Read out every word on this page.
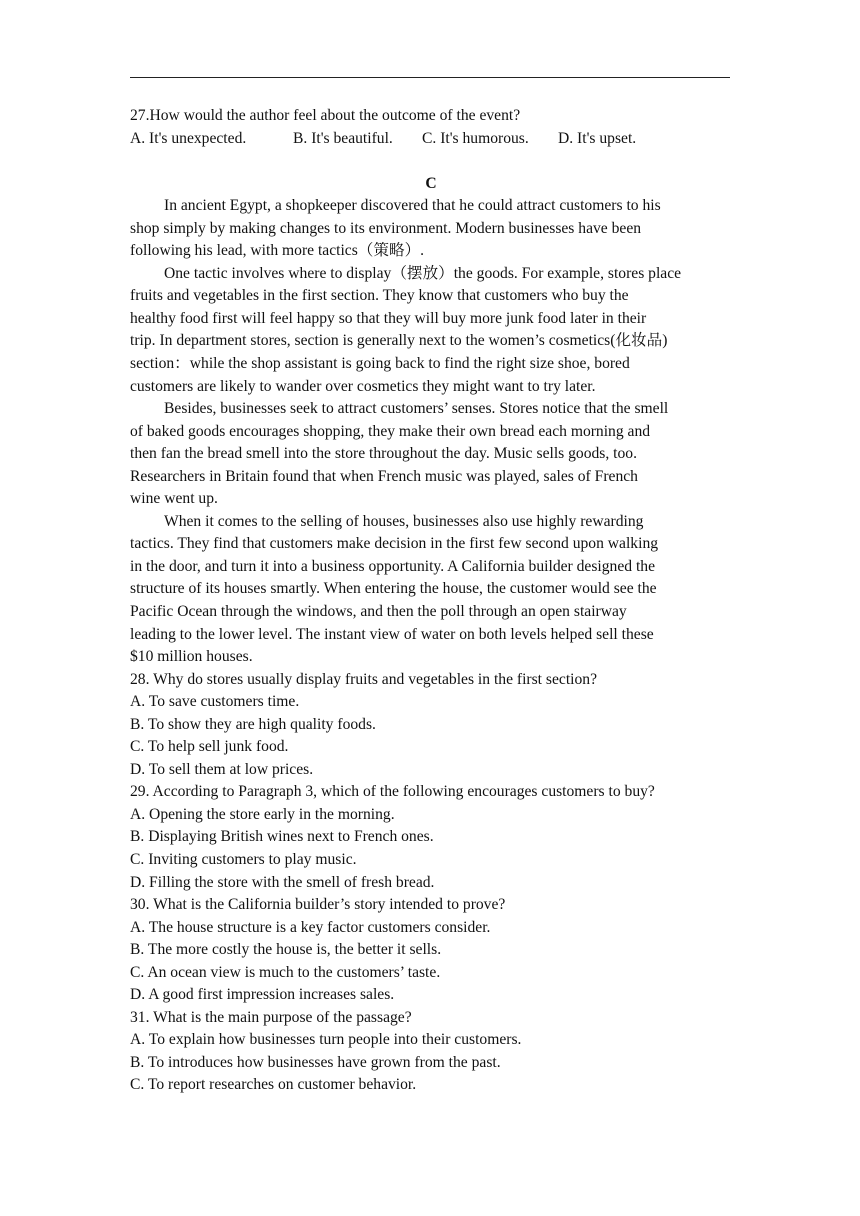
27.How would the author feel about the outcome of the event?

A. It's unexpected.	B. It's beautiful. C. It's humorous. D. It's upset.

C

In ancient Egypt, a shopkeeper discovered that he could attract customers to his

shop simply by making changes to its environment. Modern businesses have been

following his lead, with more tactics（策略）.

One tactic involves where to display（摆放）the goods. For example, stores place

fruits and vegetables in the first section. They know that customers who buy the

healthy food first will feel happy so that they will buy more junk food later in their

trip. In department stores, section is generally next to the women’s cosmetics(化妆品)

section：while the shop assistant is going back to find the right size shoe, bored

customers are likely to wander over cosmetics they might want to try later.

Besides, businesses seek to attract customers’ senses. Stores notice that the smell

of baked goods encourages shopping, they make their own bread each morning and

then fan the bread smell into the store throughout the day. Music sells goods, too.

Researchers in Britain found that when French music was played, sales of French

wine went up.

When it comes to the selling of houses, businesses also use highly rewarding

tactics. They find that customers make decision in the first few second upon walking

in the door, and turn it into a business opportunity. A California builder designed the

structure of its houses smartly. When entering the house, the customer would see the

Pacific Ocean through the windows, and then the poll through an open stairway

leading to the lower level. The instant view of water on both levels helped sell these

$10 million houses.

28. Why do stores usually display fruits and vegetables in the first section?

A. To save customers time.

B. To show they are high quality foods.

C. To help sell junk food.

D. To sell them at low prices.

29. According to Paragraph 3, which of the following encourages customers to buy?

A. Opening the store early in the morning.

B. Displaying British wines next to French ones.

C. Inviting customers to play music.

D. Filling the store with the smell of fresh bread.

30. What is the California builder’s story intended to prove?

A. The house structure is a key factor customers consider.

B. The more costly the house is, the better it sells.

C. An ocean view is much to the customers’ taste.

D. A good first impression increases sales.

31. What is the main purpose of the passage?

A. To explain how businesses turn people into their customers.

B. To introduces how businesses have grown from the past.

C. To report researches on customer behavior.
